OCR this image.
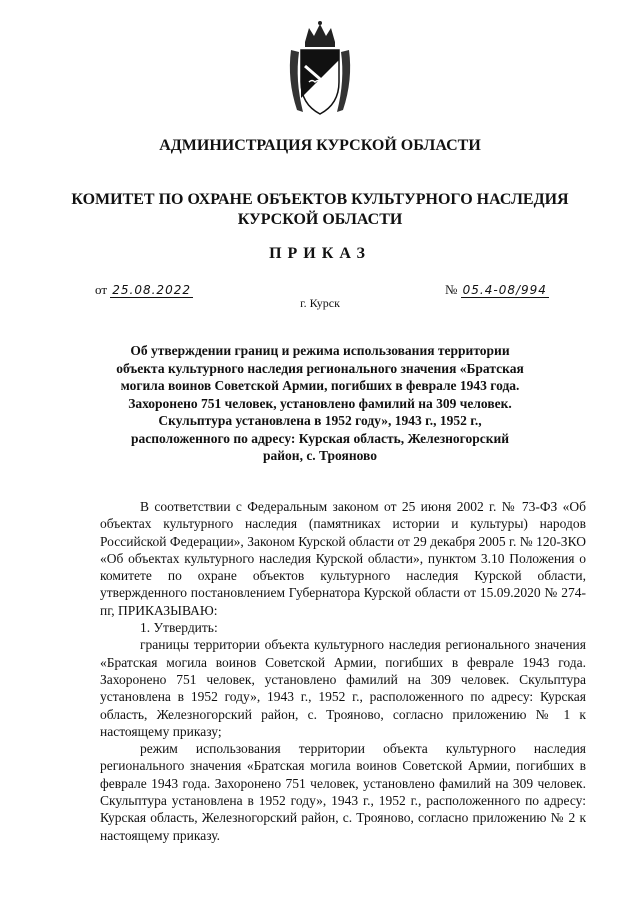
АДМИНИСТРАЦИЯ КУРСКОЙ ОБЛАСТИ
КОМИТЕТ ПО ОХРАНЕ ОБЪЕКТОВ КУЛЬТУРНОГО НАСЛЕДИЯ
КУРСКОЙ ОБЛАСТИ
ПРИКАЗ
от 25.08.2022	№ 05.4-08/994
г. Курск
Об утверждении границ и режима использования территории объекта культурного наследия регионального значения «Братская могила воинов Советской Армии, погибших в феврале 1943 года. Захоронено 751 человек, установлено фамилий на 309 человек. Скульптура установлена в 1952 году», 1943 г., 1952 г., расположенного по адресу: Курская область, Железногорский район, с. Трояново

В соответствии с Федеральным законом от 25 июня 2002 г. № 73-ФЗ «Об объектах культурного наследия (памятниках истории и культуры) народов Российской Федерации», Законом Курской области от 29 декабря 2005 г. № 120-ЗКО «Об объектах культурного наследия Курской области», пунктом 3.10 Положения о комитете по охране объектов культурного наследия Курской области, утвержденного постановлением Губернатора Курской области от 15.09.2020 № 274-пг, ПРИКАЗЫВАЮ:

1. Утвердить:

границы территории объекта культурного наследия регионального значения «Братская могила воинов Советской Армии, погибших в феврале 1943 года. Захоронено 751 человек, установлено фамилий на 309 человек. Скульптура установлена в 1952 году», 1943 г., 1952 г., расположенного по адресу: Курская область, Железногорский район, с. Трояново, согласно приложению № 1 к настоящему приказу;

режим использования территории объекта культурного наследия регионального значения «Братская могила воинов Советской Армии, погибших в феврале 1943 года. Захоронено 751 человек, установлено фамилий на 309 человек. Скульптура установлена в 1952 году», 1943 г., 1952 г., расположенного по адресу: Курская область, Железногорский район, с. Трояново, согласно приложению № 2 к настоящему приказу.
